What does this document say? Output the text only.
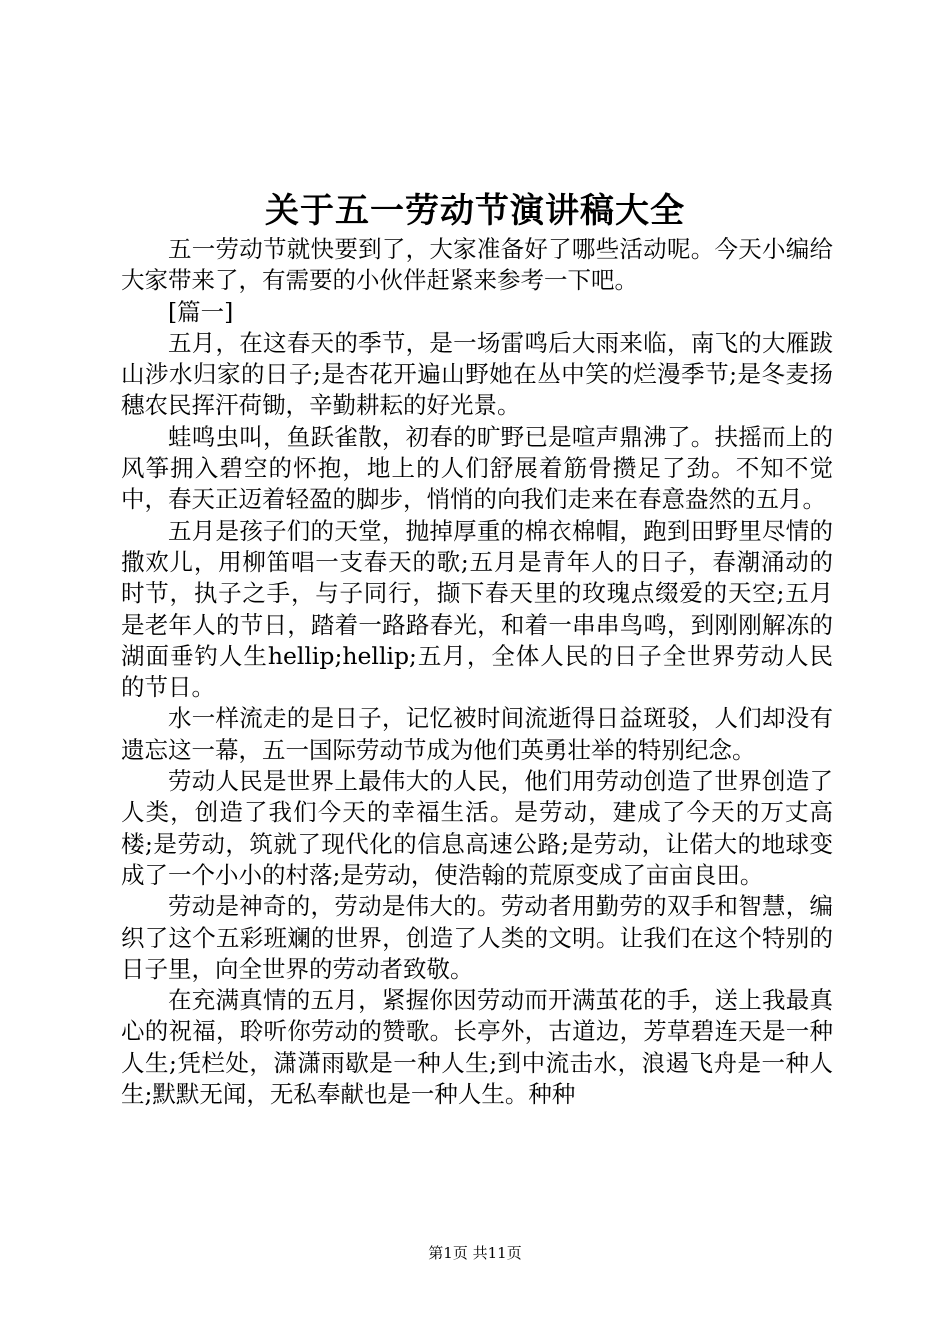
关于五一劳动节演讲稿大全

五一劳动节就快要到了，大家准备好了哪些活动呢。今天小编给大家带来了，有需要的小伙伴赶紧来参考一下吧。

[篇一]

五月，在这春天的季节，是一场雷鸣后大雨来临，南飞的大雁跋山涉水归家的日子;是杏花开遍山野她在丛中笑的烂漫季节;是冬麦扬穗农民挥汗荷锄，辛勤耕耘的好光景。

蛙鸣虫叫，鱼跃雀散，初春的旷野已是喧声鼎沸了。扶摇而上的风筝拥入碧空的怀抱，地上的人们舒展着筋骨攒足了劲。不知不觉中，春天正迈着轻盈的脚步，悄悄的向我们走来在春意盎然的五月。

五月是孩子们的天堂，抛掉厚重的棉衣棉帽，跑到田野里尽情的撒欢儿，用柳笛唱一支春天的歌;五月是青年人的日子，春潮涌动的时节，执子之手，与子同行，撷下春天里的玫瑰点缀爱的天空;五月是老年人的节日，踏着一路路春光，和着一串串鸟鸣，到刚刚解冻的湖面垂钓人生hellip;hellip;五月，全体人民的日子全世界劳动人民的节日。

水一样流走的是日子，记忆被时间流逝得日益斑驳，人们却没有遗忘这一幕，五一国际劳动节成为他们英勇壮举的特别纪念。

劳动人民是世界上最伟大的人民，他们用劳动创造了世界创造了人类，创造了我们今天的幸福生活。是劳动，建成了今天的万丈高楼;是劳动，筑就了现代化的信息高速公路;是劳动，让偌大的地球变成了一个小小的村落;是劳动，使浩翰的荒原变成了亩亩良田。

劳动是神奇的，劳动是伟大的。劳动者用勤劳的双手和智慧，编织了这个五彩班斓的世界，创造了人类的文明。让我们在这个特别的日子里，向全世界的劳动者致敬。

在充满真情的五月，紧握你因劳动而开满茧花的手，送上我最真心的祝福，聆听你劳动的赞歌。长亭外，古道边，芳草碧连天是一种人生;凭栏处，潇潇雨歇是一种人生;到中流击水，浪遏飞舟是一种人生;默默无闻，无私奉献也是一种人生。种种

第1页 共11页
